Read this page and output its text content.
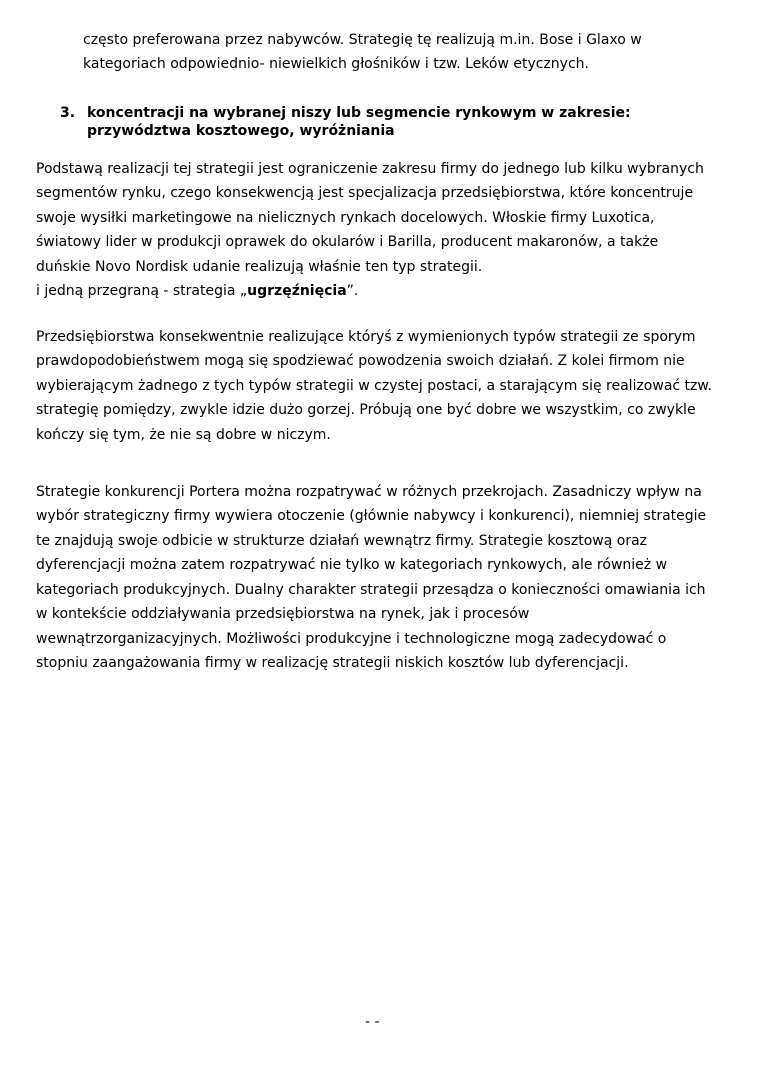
często preferowana przez nabywców. Strategię tę realizują m.in. Bose i Glaxo w

kategoriach odpowiednio- niewielkich głośników i tzw. Leków etycznych.

3. koncentracji na wybranej niszy lub segmencie rynkowym w zakresie:
przywództwa kosztowego, wyróżniania

Podstawą realizacji tej strategii jest ograniczenie zakresu firmy do jednego lub kilku wybranych

segmentów rynku, czego konsekwencją jest specjalizacja przedsiębiorstwa, które koncentruje

swoje wysiłki marketingowe na nielicznych rynkach docelowych. Włoskie firmy Luxotica,

światowy lider w produkcji oprawek do okularów i Barilla, producent makaronów, a także

duńskie Novo Nordisk udanie realizują właśnie ten typ strategii.

i jedną przegraną - strategia „ugrzęźnięcia”.

Przedsiębiorstwa konsekwentnie realizujące któryś z wymienionych typów strategii ze sporym

prawdopodobieństwem mogą się spodziewać powodzenia swoich działań. Z kolei firmom nie

wybierającym żadnego z tych typów strategii w czystej postaci, a starającym się realizować tzw.

strategię pomiędzy, zwykle idzie dużo gorzej. Próbują one być dobre we wszystkim, co zwykle

kończy się tym, że nie są dobre w niczym.

Strategie konkurencji Portera można rozpatrywać w różnych przekrojach. Zasadniczy wpływ na

wybór strategiczny firmy wywiera otoczenie (głównie nabywcy i konkurenci), niemniej strategie

te znajdują swoje odbicie w strukturze działań wewnątrz firmy. Strategie kosztową oraz

dyferencjacji można zatem rozpatrywać nie tylko w kategoriach rynkowych, ale również w

kategoriach produkcyjnych. Dualny charakter strategii przesądza o konieczności omawiania ich

w kontekście oddziaływania przedsiębiorstwa na rynek, jak i procesów

wewnątrzorganizacyjnych. Możliwości produkcyjne i technologiczne mogą zadecydować o

stopniu zaangażowania firmy w realizację strategii niskich kosztów lub dyferencjacji.

- -
